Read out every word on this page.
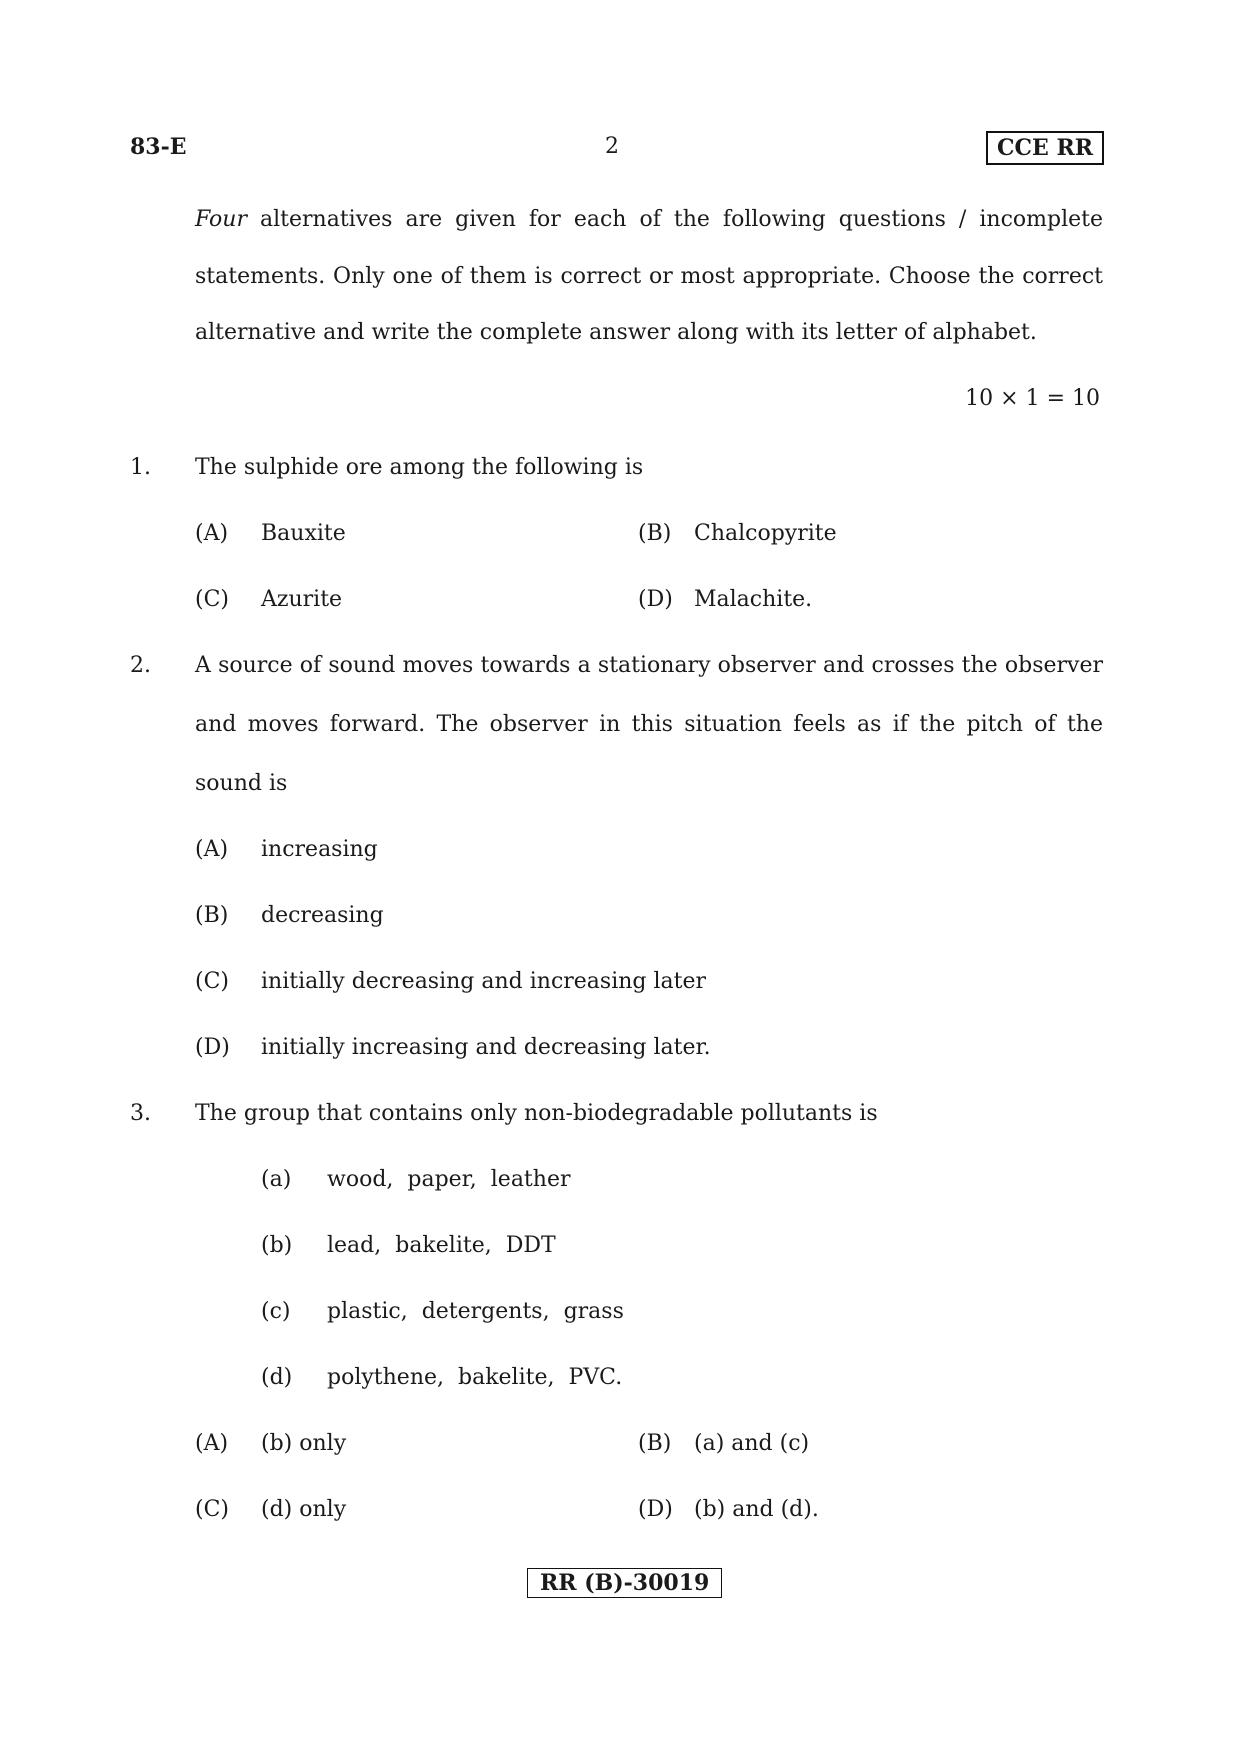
83-E	2	CCE RR
Four alternatives are given for each of the following questions / incomplete
statements. Only one of them is correct or most appropriate. Choose the correct
alternative and write the complete answer along with its letter of alphabet.
10 × 1 = 10
1. The sulphide ore among the following is
(A) Bauxite	(B) Chalcopyrite
(C) Azurite	(D) Malachite.
2. A source of sound moves towards a stationary observer and crosses the observer
and moves forward. The observer in this situation feels as if the pitch of the
sound is
(A) increasing
(B) decreasing
(C) initially decreasing and increasing later
(D) initially increasing and decreasing later.
3. The group that contains only non-biodegradable pollutants is
(a) wood,  paper,  leather
(b) lead,  bakelite,  DDT
(c) plastic,  detergents,  grass
(d) polythene,  bakelite,  PVC.
(A) (b) only	(B) (a) and (c)
(C) (d) only	(D) (b) and (d).
RR (B)-30019
